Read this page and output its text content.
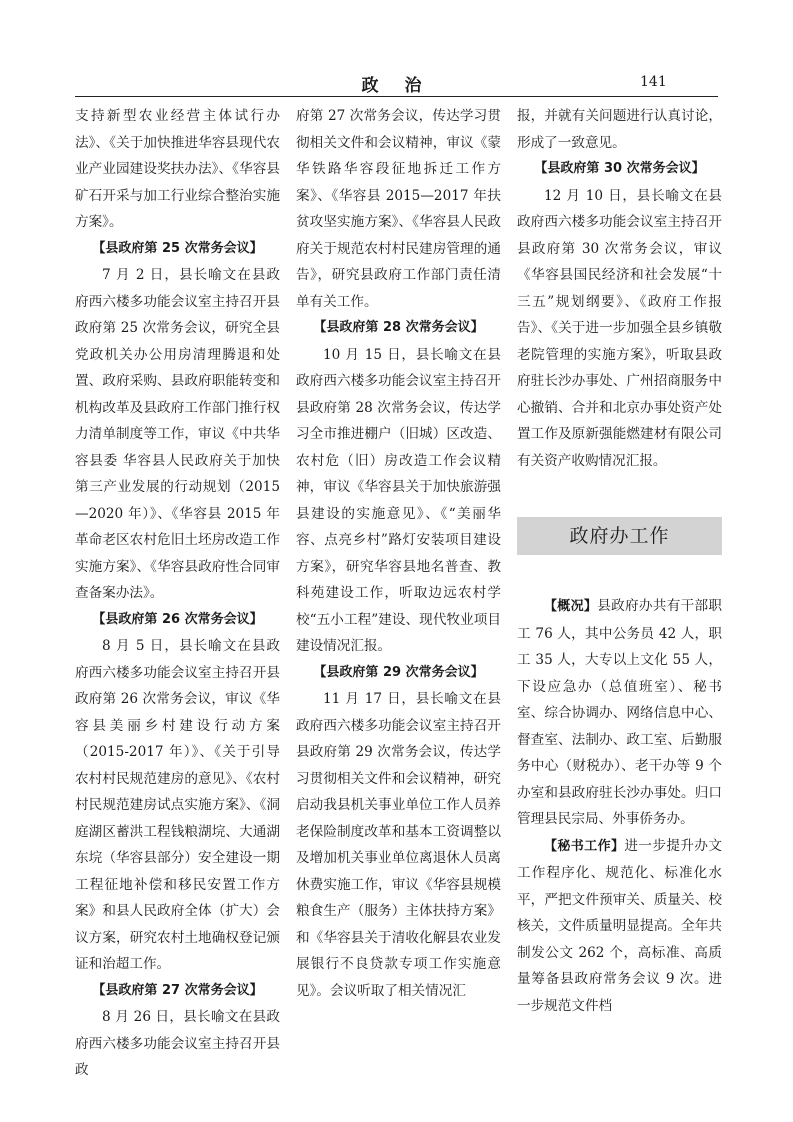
政 治	141

支持新型农业经营主体试行办法》、《关于加快推进华容县现代农业产业园建设奖扶办法》、《华容县矿石开采与加工行业综合整治实施方案》。

【县政府第 25 次常务会议】

7 月 2 日，县长喻文在县政府西六楼多功能会议室主持召开县政府第 25 次常务会议，研究全县党政机关办公用房清理腾退和处置、政府采购、县政府职能转变和机构改革及县政府工作部门推行权力清单制度等工作，审议《中共华容县委 华容县人民政府关于加快第三产业发展的行动规划（2015—2020 年）》、《华容县 2015 年革命老区农村危旧土坯房改造工作实施方案》、《华容县政府性合同审查备案办法》。

【县政府第 26 次常务会议】

8 月 5 日，县长喻文在县政府西六楼多功能会议室主持召开县政府第 26 次常务会议，审议《华容县美丽乡村建设行动方案（2015-2017 年）》、《关于引导农村村民规范建房的意见》、《农村村民规范建房试点实施方案》、《洞庭湖区蓄洪工程钱粮湖垸、大通湖东垸（华容县部分）安全建设一期工程征地补偿和移民安置工作方案》和县人民政府全体（扩大）会议方案，研究农村土地确权登记颁证和治超工作。

【县政府第 27 次常务会议】

8 月 26 日，县长喻文在县政府西六楼多功能会议室主持召开县政

府第 27 次常务会议，传达学习贯彻相关文件和会议精神，审议《蒙华铁路华容段征地拆迁工作方案》、《华容县 2015—2017 年扶贫攻坚实施方案》、《华容县人民政府关于规范农村村民建房管理的通告》，研究县政府工作部门责任清单有关工作。

【县政府第 28 次常务会议】

10 月 15 日，县长喻文在县政府西六楼多功能会议室主持召开县政府第 28 次常务会议，传达学习全市推进棚户（旧城）区改造、农村危（旧）房改造工作会议精神，审议《华容县关于加快旅游强县建设的实施意见》、《“美丽华容、点亮乡村”路灯安装项目建设方案》，研究华容县地名普查、教科苑建设工作，听取边远农村学校“五小工程”建设、现代牧业项目建设情况汇报。

【县政府第 29 次常务会议】

11 月 17 日，县长喻文在县政府西六楼多功能会议室主持召开县政府第 29 次常务会议，传达学习贯彻相关文件和会议精神，研究启动我县机关事业单位工作人员养老保险制度改革和基本工资调整以及增加机关事业单位离退休人员离休费实施工作，审议《华容县规模粮食生产（服务）主体扶持方案》和《华容县关于清收化解县农业发展银行不良贷款专项工作实施意见》。会议听取了相关情况汇

报，并就有关问题进行认真讨论，形成了一致意见。

【县政府第 30 次常务会议】

12 月 10 日，县长喻文在县政府西六楼多功能会议室主持召开县政府第 30 次常务会议，审议《华容县国民经济和社会发展“十三五”规划纲要》、《政府工作报告》、《关于进一步加强全县乡镇敬老院管理的实施方案》，听取县政府驻长沙办事处、广州招商服务中心撤销、合并和北京办事处资产处置工作及原新强能燃建材有限公司有关资产收购情况汇报。

政府办工作

【概况】县政府办共有干部职工 76 人，其中公务员 42 人，职工 35 人，大专以上文化 55 人，下设应急办（总值班室）、秘书室、综合协调办、网络信息中心、督查室、法制办、政工室、后勤服务中心（财税办）、老干办等 9 个办室和县政府驻长沙办事处。归口管理县民宗局、外事侨务办。

【秘书工作】进一步提升办文工作程序化、规范化、标准化水平，严把文件预审关、质量关、校核关，文件质量明显提高。全年共制发公文 262 个，高标准、高质量筹备县政府常务会议 9 次。进一步规范文件档
